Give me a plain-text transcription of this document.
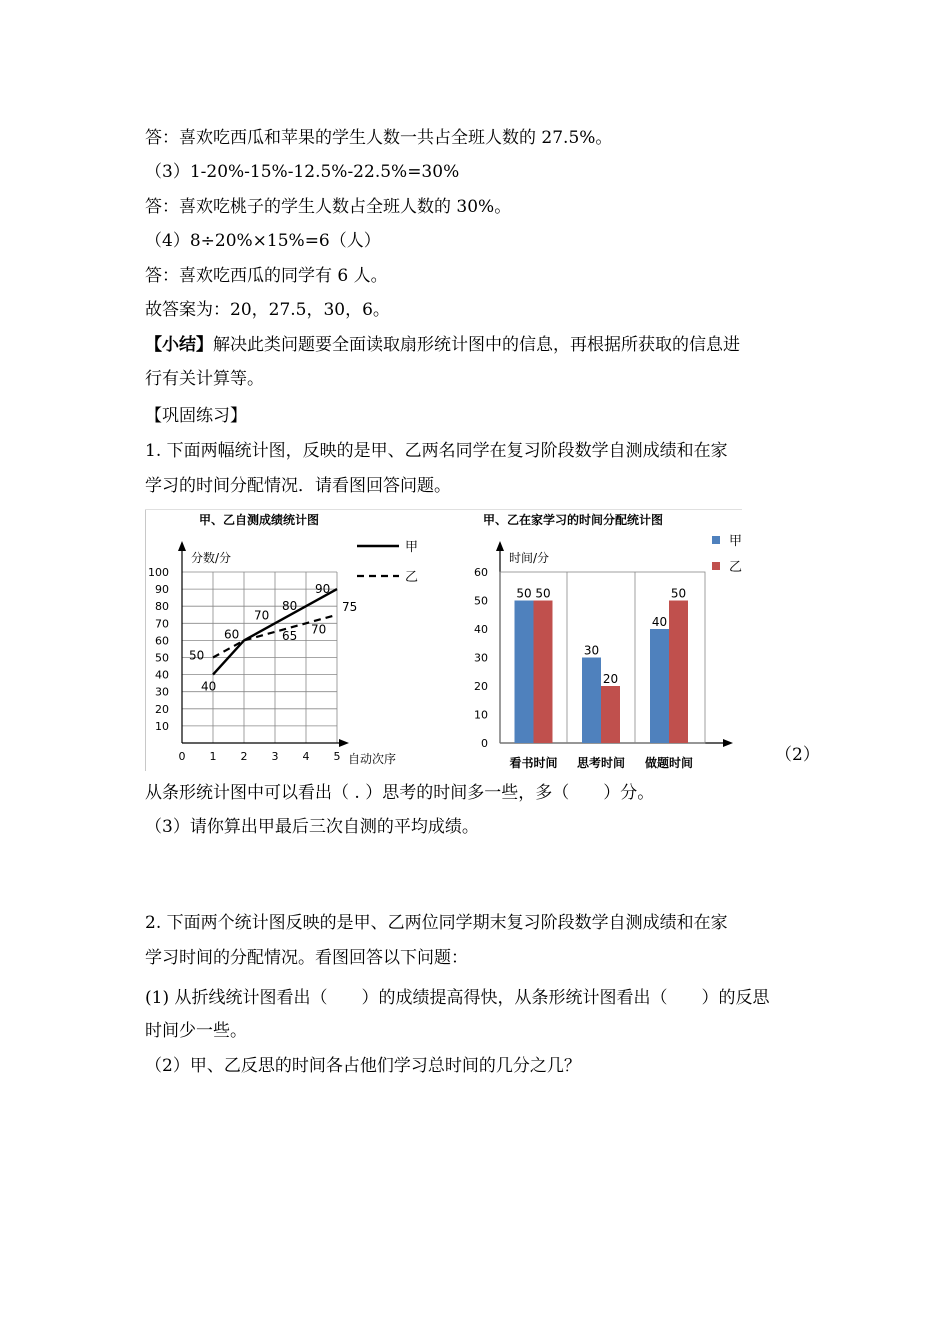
答：喜欢吃西瓜和苹果的学生人数一共占全班人数的 27.5%。
（3）1-20%-15%-12.5%-22.5%=30%
答：喜欢吃桃子的学生人数占全班人数的 30%。
（4）8÷20%×15%=6（人）
答：喜欢吃西瓜的同学有 6 人。
故答案为：20，27.5，30，6。
【小结】解决此类问题要全面读取扇形统计图中的信息，再根据所获取的信息进
行有关计算等。
【巩固练习】
1. 下面两幅统计图，反映的是甲、乙两名同学在复习阶段数学自测成绩和在家
学习的时间分配情况．请看图回答问题。
甲、乙自测成绩统计图
分数/分
自动次序
10
20
30
40
50
60
70
80
90
100
0 1 2 3 4 5
甲
乙
40
60
80
90
50
70
65 70
75
甲、乙在家学习的时间分配统计图
时间/分
0
10
20
30
40
50
60
50
30
40
50
20
50
看书时间 思考时间 做题时间
甲
乙
（2）
从条形统计图中可以看出（ . ）思考的时间多一些，多（　　）分。
（3）请你算出甲最后三次自测的平均成绩。
2. 下面两个统计图反映的是甲、乙两位同学期末复习阶段数学自测成绩和在家
学习时间的分配情况。看图回答以下问题：
(1) 从折线统计图看出（　　）的成绩提高得快，从条形统计图看出（　　）的反思
时间少一些。
（2）甲、乙反思的时间各占他们学习总时间的几分之几？
